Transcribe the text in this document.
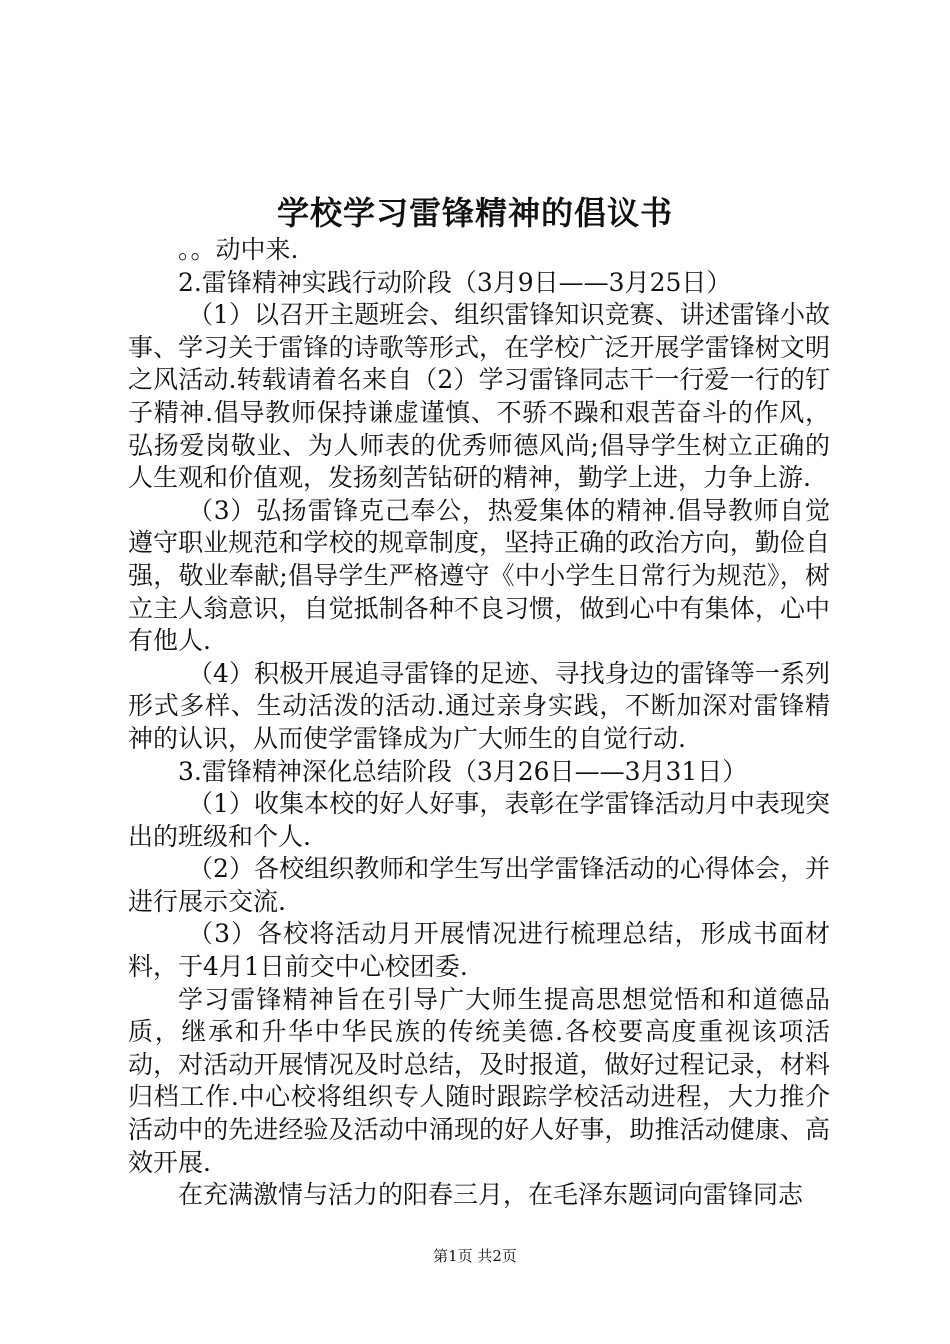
学校学习雷锋精神的倡议书

。。动中来.

2.雷锋精神实践行动阶段（3月9日——3月25日）

（1）以召开主题班会、组织雷锋知识竞赛、讲述雷锋小故事、学习关于雷锋的诗歌等形式，在学校广泛开展学雷锋树文明之风活动.转载请着名来自（2）学习雷锋同志干一行爱一行的钉子精神.倡导教师保持谦虚谨慎、不骄不躁和艰苦奋斗的作风，弘扬爱岗敬业、为人师表的优秀师德风尚;倡导学生树立正确的人生观和价值观，发扬刻苦钻研的精神，勤学上进，力争上游.

（3）弘扬雷锋克己奉公，热爱集体的精神.倡导教师自觉遵守职业规范和学校的规章制度，坚持正确的政治方向，勤俭自强，敬业奉献;倡导学生严格遵守《中小学生日常行为规范》，树立主人翁意识，自觉抵制各种不良习惯，做到心中有集体，心中有他人.

（4）积极开展追寻雷锋的足迹、寻找身边的雷锋等一系列形式多样、生动活泼的活动.通过亲身实践，不断加深对雷锋精神的认识，从而使学雷锋成为广大师生的自觉行动.

3.雷锋精神深化总结阶段（3月26日——3月31日）

（1）收集本校的好人好事，表彰在学雷锋活动月中表现突出的班级和个人.

（2）各校组织教师和学生写出学雷锋活动的心得体会，并进行展示交流.

（3）各校将活动月开展情况进行梳理总结，形成书面材料，于4月1日前交中心校团委.

学习雷锋精神旨在引导广大师生提高思想觉悟和和道德品质，继承和升华中华民族的传统美德.各校要高度重视该项活动，对活动开展情况及时总结，及时报道，做好过程记录，材料归档工作.中心校将组织专人随时跟踪学校活动进程，大力推介活动中的先进经验及活动中涌现的好人好事，助推活动健康、高效开展.

在充满激情与活力的阳春三月，在毛泽东题词向雷锋同志

第1页 共2页
